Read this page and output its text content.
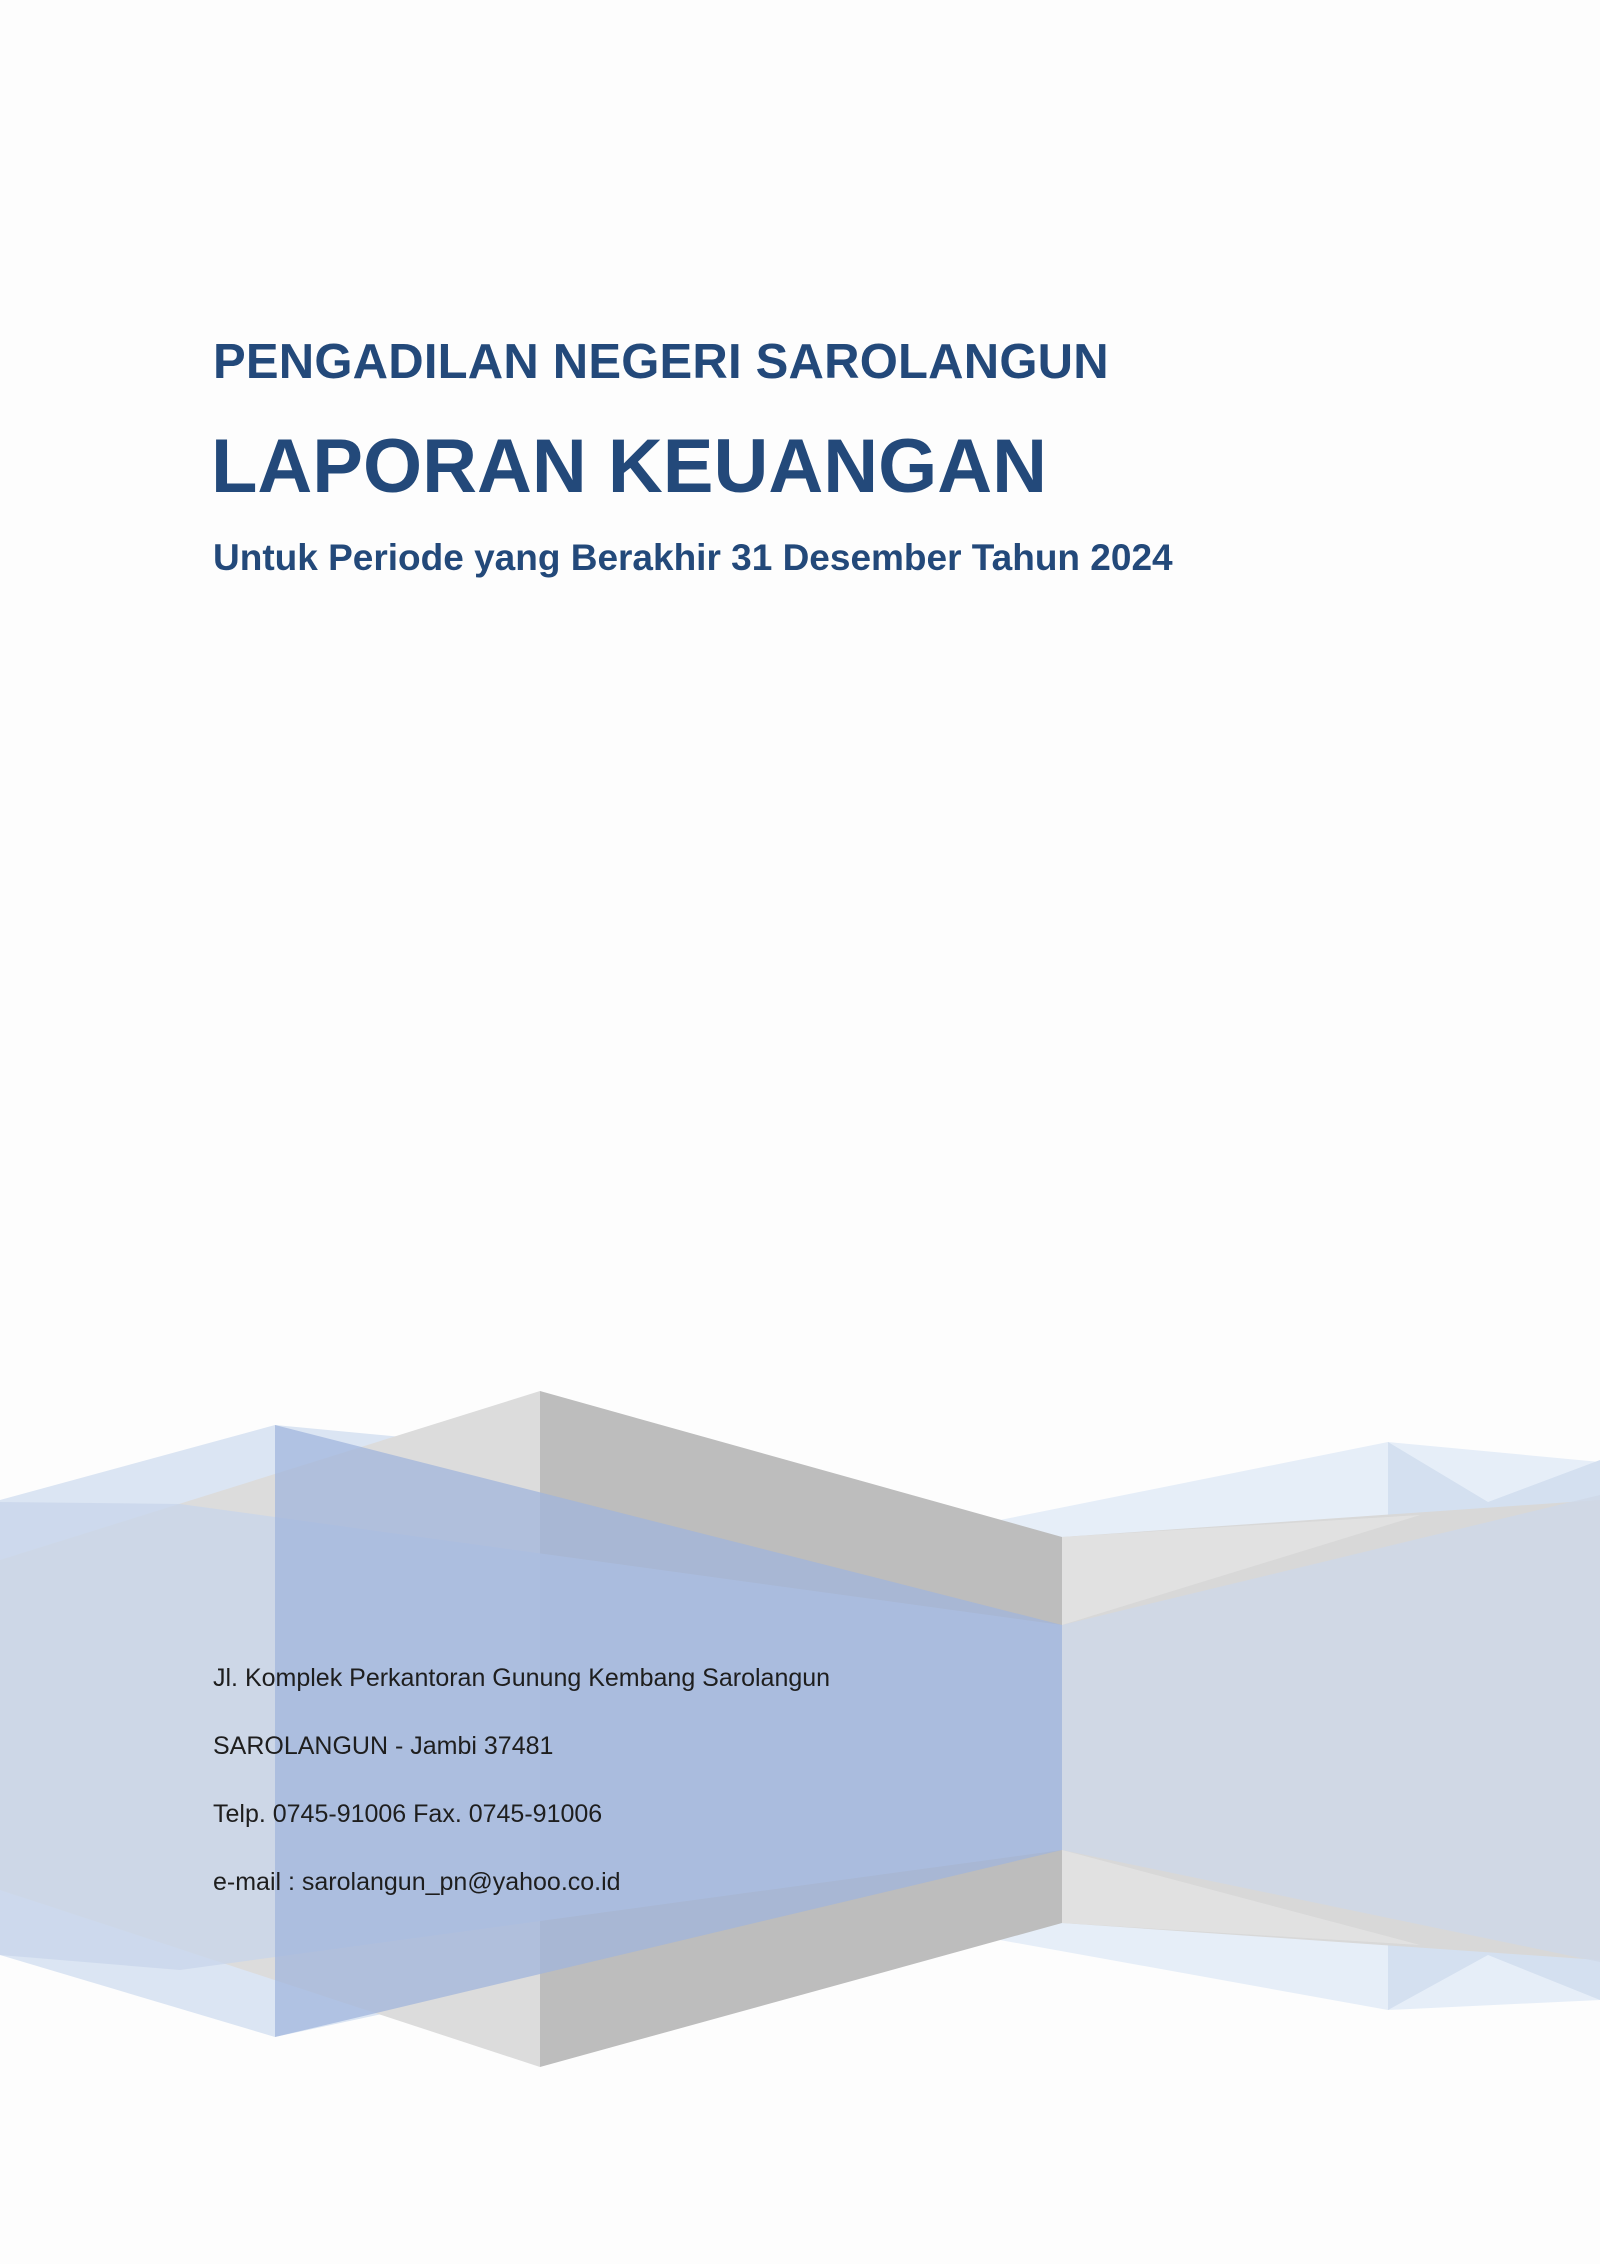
PENGADILAN NEGERI SAROLANGUN
LAPORAN KEUANGAN
Untuk Periode yang Berakhir 31 Desember Tahun 2024
Jl. Komplek Perkantoran Gunung Kembang Sarolangun
SAROLANGUN - Jambi 37481
Telp. 0745-91006 Fax. 0745-91006
e-mail : sarolangun_pn@yahoo.co.id
